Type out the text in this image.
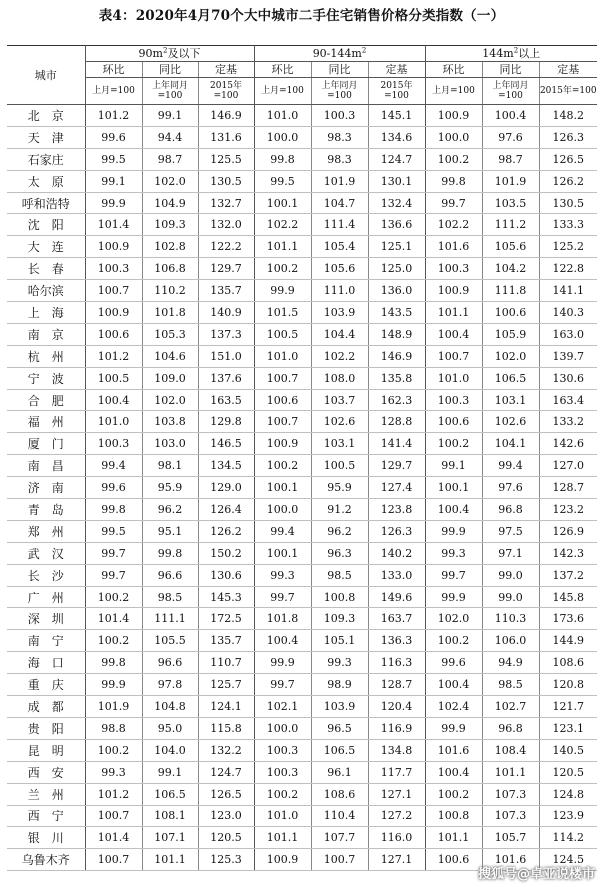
表4：2020年4月70个大中城市二手住宅销售价格分类指数（一）
城市	$90m^2$及以下			$90-144m^2$			$144m^2$以上		
	环比	同比	定基	环比	同比	定基	环比	同比	定基
	上月=100	上年同月=100	2015年=100	上月=100	上年同月=100	2015年=100	上月=100	上年同月=100	2015年=100
北　京	101.2	99.1	146.9	101.0	100.3	145.1	100.9	100.4	148.2
天　津	99.6	94.4	131.6	100.0	98.3	134.6	100.0	97.6	126.3
石家庄	99.5	98.7	125.5	99.8	98.3	124.7	100.2	98.7	126.5
太　原	99.1	102.0	130.5	99.5	101.9	130.1	99.8	101.9	126.2
呼和浩特	99.9	104.9	132.7	100.1	104.7	132.4	99.7	103.5	130.5
沈　阳	101.4	109.3	132.0	102.2	111.4	136.6	102.2	111.2	133.3
大　连	100.9	102.8	122.2	101.1	105.4	125.1	101.6	105.6	125.2
长　春	100.3	106.8	129.7	100.2	105.6	125.0	100.3	104.2	122.8
哈尔滨	100.7	110.2	135.7	99.9	111.0	136.0	100.9	111.8	141.1
上　海	100.9	101.8	140.9	101.5	103.9	143.5	101.1	100.6	140.3
南　京	100.6	105.3	137.3	100.5	104.4	148.9	100.4	105.9	163.0
杭　州	101.2	104.6	151.0	101.0	102.2	146.9	100.7	102.0	139.7
宁　波	100.5	109.0	137.6	100.7	108.0	135.8	101.0	106.5	130.6
合　肥	100.4	102.0	163.5	100.6	103.7	162.3	100.3	103.1	163.4
福　州	101.0	103.8	129.8	100.7	102.6	128.8	100.6	102.6	133.2
厦　门	100.3	103.0	146.5	100.9	103.1	141.4	100.2	104.1	142.6
南　昌	99.4	98.1	134.5	100.2	100.5	129.7	99.1	99.4	127.0
济　南	99.6	95.9	129.0	100.1	95.9	127.4	100.1	97.6	128.7
青　岛	99.8	96.2	126.4	100.0	91.2	123.8	100.4	96.8	123.2
郑　州	99.5	95.1	126.2	99.4	96.2	126.3	99.9	97.5	126.9
武　汉	99.7	99.8	150.2	100.1	96.3	140.2	99.3	97.1	142.3
长　沙	99.7	96.6	130.6	99.3	98.5	133.0	99.7	99.0	137.2
广　州	100.2	98.5	145.3	99.7	100.8	149.6	99.9	99.0	145.8
深　圳	101.4	111.1	172.5	101.8	109.3	163.7	102.0	110.3	173.6
南　宁	100.2	105.5	135.7	100.4	105.1	136.3	100.2	106.0	144.9
海　口	99.8	96.6	110.7	99.9	99.3	116.3	99.6	94.9	108.6
重　庆	99.9	97.8	125.7	99.7	98.9	128.7	100.4	98.5	120.8
成　都	101.9	104.8	124.1	102.1	103.9	120.4	102.4	102.7	121.7
贵　阳	98.8	95.0	115.8	100.0	96.5	116.9	99.9	96.8	123.1
昆　明	100.2	104.0	132.2	100.3	106.5	134.8	101.6	108.4	140.5
西　安	99.3	99.1	124.7	100.3	96.1	117.7	100.4	101.1	120.5
兰　州	101.2	106.5	126.5	100.2	108.6	127.1	100.2	107.3	124.8
西　宁	100.7	108.1	123.0	101.0	110.4	127.2	100.8	107.3	123.9
银　川	101.4	107.1	120.5	101.1	107.7	116.0	101.1	105.7	114.2
乌鲁木齐	100.7	101.1	125.3	100.9	100.7	127.1	100.6	101.6	124.5
搜狐号@卓亚说楼市
